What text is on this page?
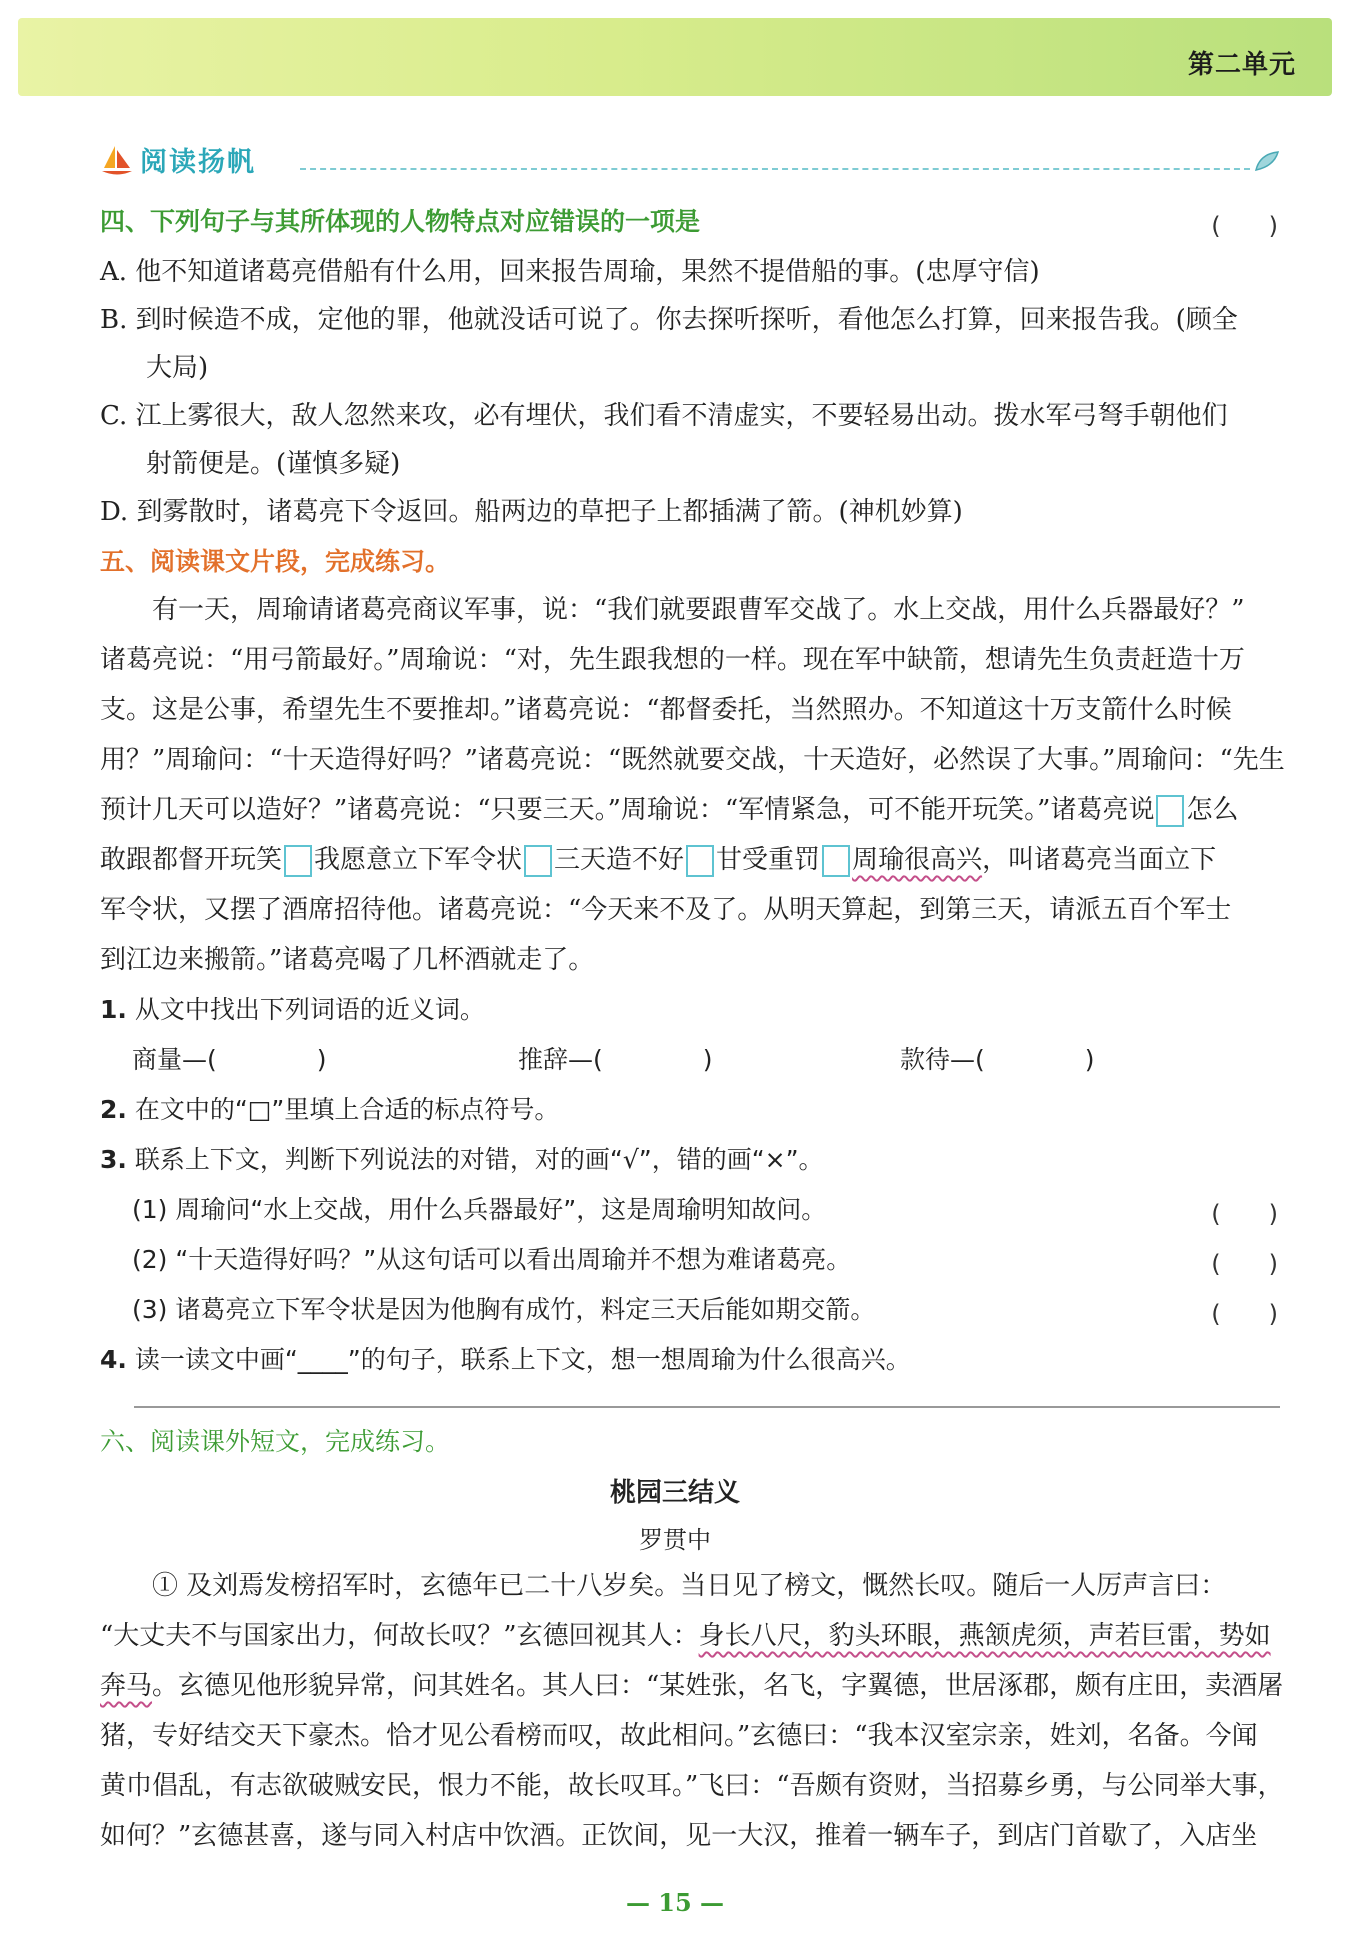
第二单元
阅读扬帆
四、下列句子与其所体现的人物特点对应错误的一项是	(　　)
A. 他不知道诸葛亮借船有什么用，回来报告周瑜，果然不提借船的事。(忠厚守信)
B. 到时候造不成，定他的罪，他就没话可说了。你去探听探听，看他怎么打算，回来报告我。(顾全
大局)
C. 江上雾很大，敌人忽然来攻，必有埋伏，我们看不清虚实，不要轻易出动。拨水军弓弩手朝他们
射箭便是。(谨慎多疑)
D. 到雾散时，诸葛亮下令返回。船两边的草把子上都插满了箭。(神机妙算)
五、阅读课文片段，完成练习。
有一天，周瑜请诸葛亮商议军事，说：“我们就要跟曹军交战了。水上交战，用什么兵器最好？”
诸葛亮说：“用弓箭最好。”周瑜说：“对，先生跟我想的一样。现在军中缺箭，想请先生负责赶造十万
支。这是公事，希望先生不要推却。”诸葛亮说：“都督委托，当然照办。不知道这十万支箭什么时候
用？”周瑜问：“十天造得好吗？”诸葛亮说：“既然就要交战，十天造好，必然误了大事。”周瑜问：“先生
预计几天可以造好？”诸葛亮说：“只要三天。”周瑜说：“军情紧急，可不能开玩笑。”诸葛亮说 怎么
敢跟都督开玩笑 我愿意立下军令状 三天造不好 甘受重罚 周瑜很高兴，叫诸葛亮当面立下
军令状，又摆了酒席招待他。诸葛亮说：“今天来不及了。从明天算起，到第三天，请派五百个军士
到江边来搬箭。”诸葛亮喝了几杯酒就走了。
1. 从文中找出下列词语的近义词。
商量—(　　　　)	推辞—(　　　　)	款待—(　　　　)
2. 在文中的“□”里填上合适的标点符号。
3. 联系上下文，判断下列说法的对错，对的画“√”，错的画“×”。
(1) 周瑜问“水上交战，用什么兵器最好”，这是周瑜明知故问。	(　　)
(2) “十天造得好吗？”从这句话可以看出周瑜并不想为难诸葛亮。	(　　)
(3) 诸葛亮立下军令状是因为他胸有成竹，料定三天后能如期交箭。	(　　)
4. 读一读文中画“____”的句子，联系上下文，想一想周瑜为什么很高兴。
六、阅读课外短文，完成练习。
桃园三结义
罗贯中
① 及刘焉发榜招军时，玄德年已二十八岁矣。当日见了榜文，慨然长叹。随后一人厉声言曰：
“大丈夫不与国家出力，何故长叹？”玄德回视其人：身长八尺，豹头环眼，燕颔虎须，声若巨雷，势如
奔马。玄德见他形貌异常，问其姓名。其人曰：“某姓张，名飞，字翼德，世居涿郡，颇有庄田，卖酒屠
猪，专好结交天下豪杰。恰才见公看榜而叹，故此相问。”玄德曰：“我本汉室宗亲，姓刘，名备。今闻
黄巾倡乱，有志欲破贼安民，恨力不能，故长叹耳。”飞曰：“吾颇有资财，当招募乡勇，与公同举大事，
如何？”玄德甚喜，遂与同入村店中饮酒。正饮间，见一大汉，推着一辆车子，到店门首歇了，入店坐
— 15 —
